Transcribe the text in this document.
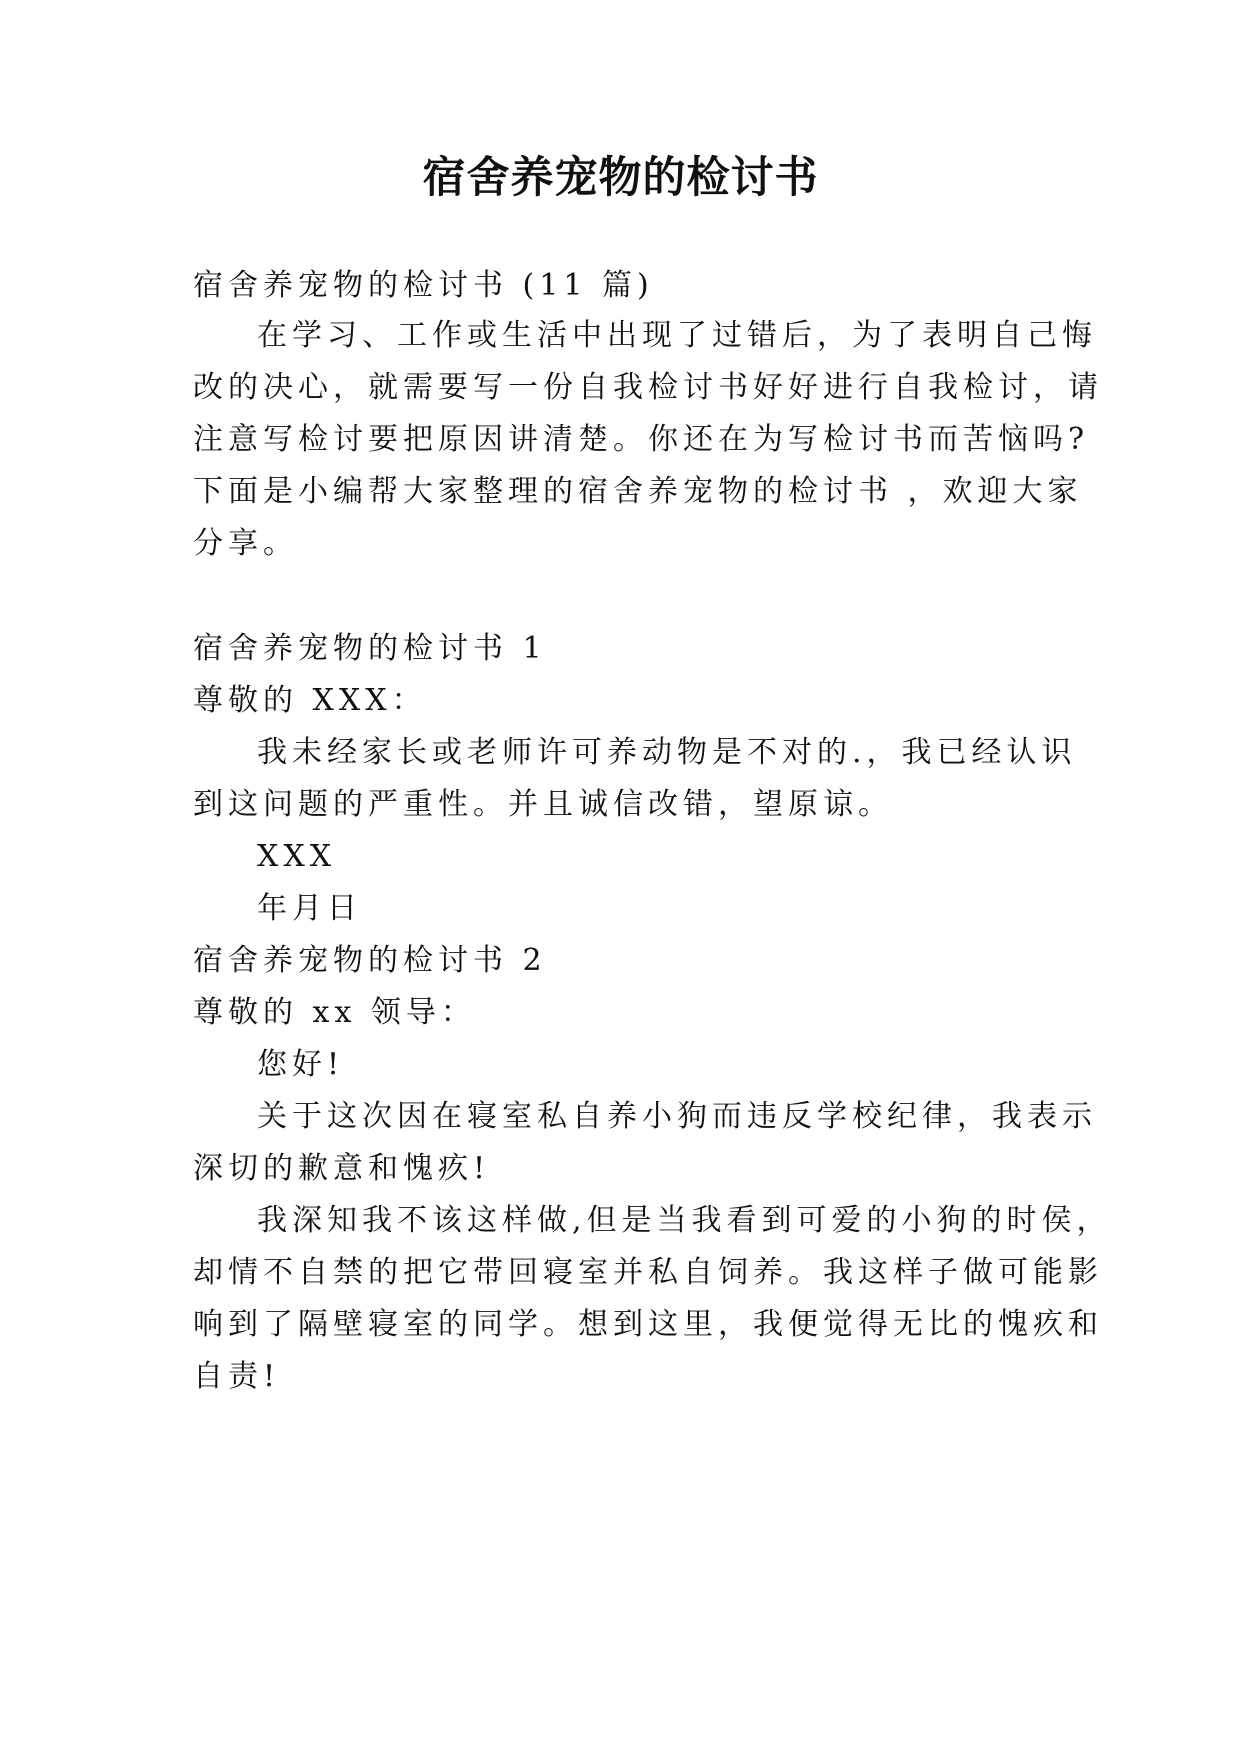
宿舍养宠物的检讨书
宿舍养宠物的检讨书 (11 篇)
在学习、工作或生活中出现了过错后，为了表明自己悔
改的决心，就需要写一份自我检讨书好好进行自我检讨，请
注意写检讨要把原因讲清楚。你还在为写检讨书而苦恼吗?
下面是小编帮大家整理的宿舍养宠物的检讨书 ，欢迎大家
分享。
宿舍养宠物的检讨书 1
尊敬的 XXX：
我未经家长或老师许可养动物是不对的.，我已经认识
到这问题的严重性。并且诚信改错，望原谅。
XXX
年月日
宿舍养宠物的检讨书 2
尊敬的 xx 领导：
您好!
关于这次因在寝室私自养小狗而违反学校纪律，我表示
深切的歉意和愧疚!
我深知我不该这样做,但是当我看到可爱的小狗的时侯，
却情不自禁的把它带回寝室并私自饲养。我这样子做可能影
响到了隔壁寝室的同学。想到这里，我便觉得无比的愧疚和
自责!
